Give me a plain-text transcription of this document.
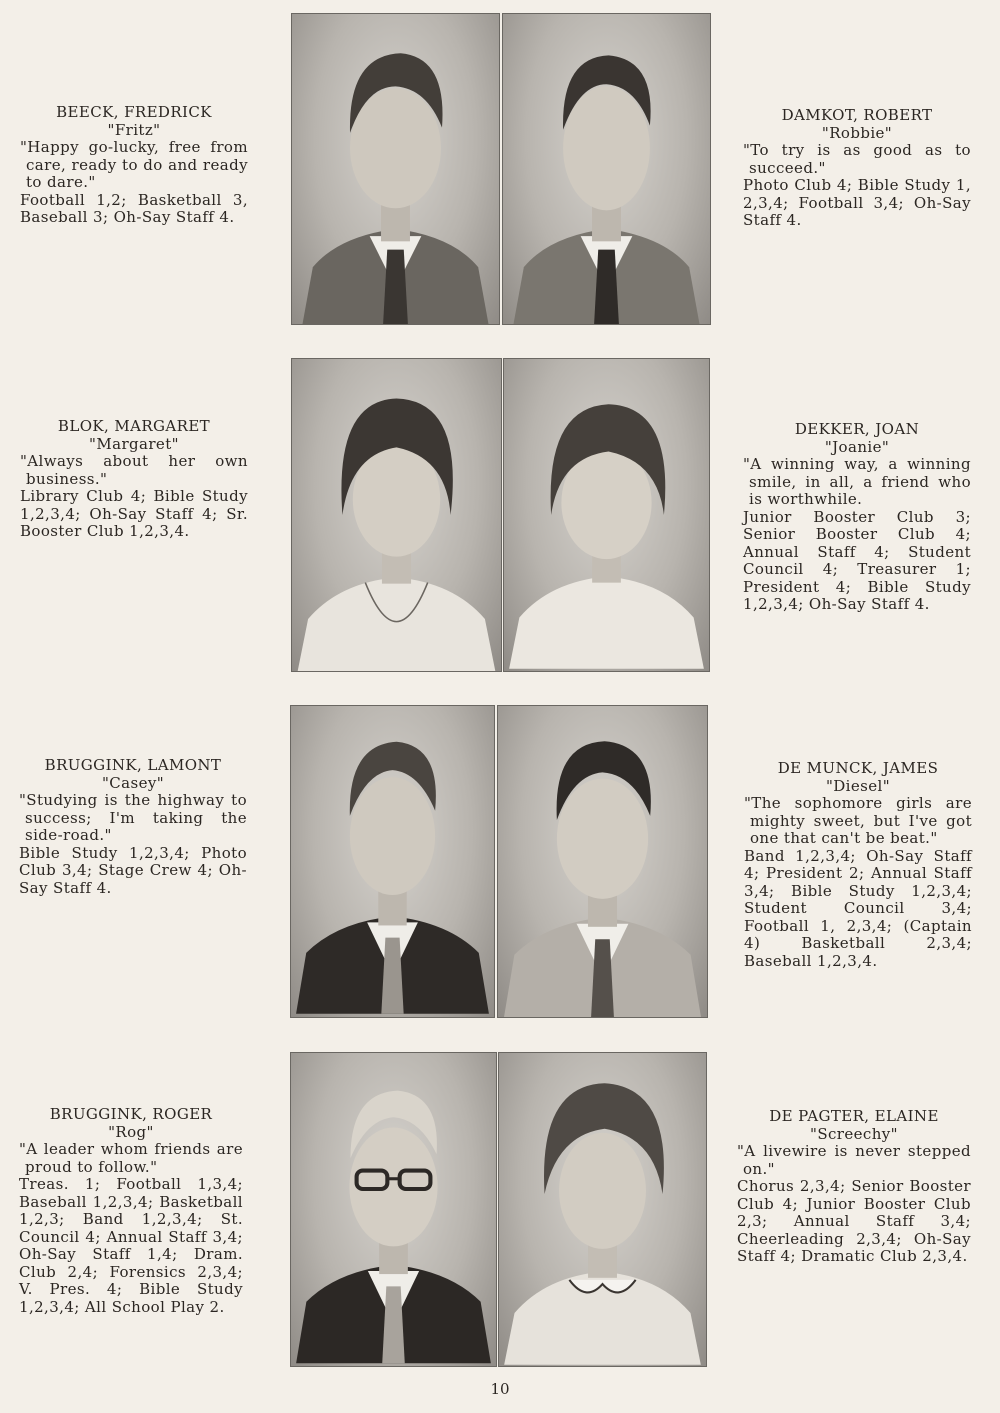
BEECK, FREDRICK
"Fritz"
"Happy go-lucky, free from care, ready to do and ready to dare."
Football 1,2; Basketball 3, Baseball 3; Oh-Say Staff 4.
DAMKOT, ROBERT
"Robbie"
"To try is as good as to succeed."
Photo Club 4; Bible Study 1, 2,3,4; Football 3,4; Oh-Say Staff 4.
BLOK, MARGARET
"Margaret"
"Always about her own business."
Library Club 4; Bible Study 1,2,3,4; Oh-Say Staff 4; Sr. Booster Club 1,2,3,4.
DEKKER, JOAN
"Joanie"
"A winning way, a winning smile, in all, a friend who is worthwhile.
Junior Booster Club 3; Senior Booster Club 4; Annual Staff 4; Student Council 4; Treasurer 1; President 4; Bible Study 1,2,3,4; Oh-Say Staff 4.
BRUGGINK, LAMONT
"Casey"
"Studying is the highway to success; I'm taking the side-road."
Bible Study 1,2,3,4; Photo Club 3,4; Stage Crew 4; Oh-Say Staff 4.
DE MUNCK, JAMES
"Diesel"
"The sophomore girls are mighty sweet, but I've got one that can't be beat."
Band 1,2,3,4; Oh-Say Staff 4; President 2; Annual Staff 3,4; Bible Study 1,2,3,4; Student Council 3,4; Football 1, 2,3,4; (Captain 4) Basketball 2,3,4; Baseball 1,2,3,4.
BRUGGINK, ROGER
"Rog"
"A leader whom friends are proud to follow."
Treas. 1; Football 1,3,4; Baseball 1,2,3,4; Basketball 1,2,3; Band 1,2,3,4; St. Council 4; Annual Staff 3,4; Oh-Say Staff 1,4; Dram. Club 2,4; Forensics 2,3,4; V. Pres. 4; Bible Study 1,2,3,4; All School Play 2.
DE PAGTER, ELAINE
"Screechy"
"A livewire is never stepped on."
Chorus 2,3,4; Senior Booster Club 4; Junior Booster Club 2,3; Annual Staff 3,4; Cheerleading 2,3,4; Oh-Say Staff 4; Dramatic Club 2,3,4.
10
